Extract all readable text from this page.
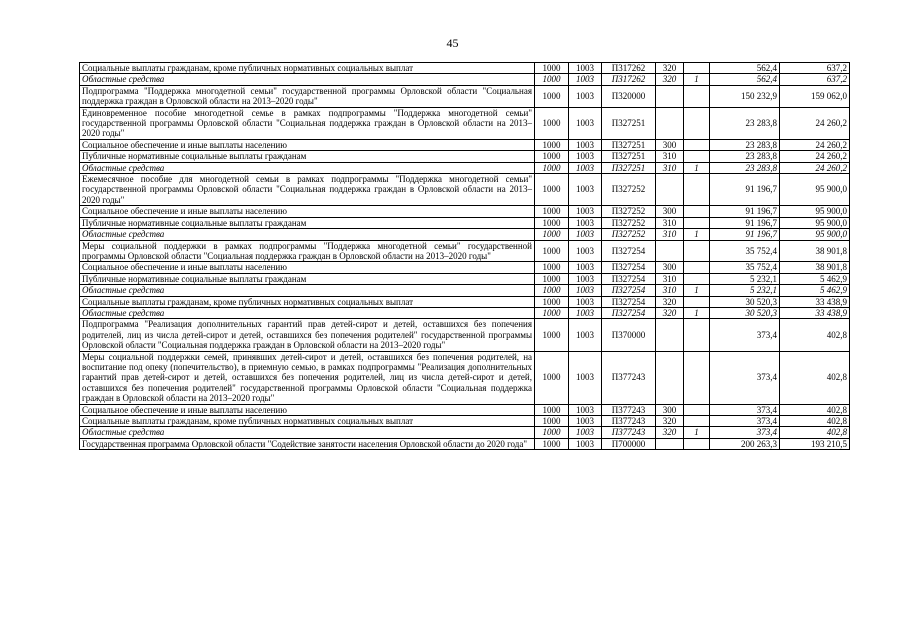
45
Социальные выплаты гражданам, кроме публичных нормативных социальных выплат	1000	1003	П317262	320		562,4	637,2
Областные средства	1000	1003	П317262	320	1	562,4	637,2
Подпрограмма "Поддержка многодетной семьи" государственной программы Орловской области "Социальная поддержка граждан в Орловской области на 2013–2020 годы"	1000	1003	П320000			150 232,9	159 062,0
Единовременное пособие многодетной семье в рамках подпрограммы "Поддержка многодетной семьи" государственной программы Орловской области "Социальная поддержка граждан в Орловской области на 2013–2020 годы"	1000	1003	П327251			23 283,8	24 260,2
Социальное обеспечение и иные выплаты населению	1000	1003	П327251	300		23 283,8	24 260,2
Публичные нормативные социальные выплаты гражданам	1000	1003	П327251	310		23 283,8	24 260,2
Областные средства	1000	1003	П327251	310	1	23 283,8	24 260,2
Ежемесячное пособие для многодетной семьи в рамках подпрограммы "Поддержка многодетной семьи" государственной программы Орловской области "Социальная поддержка граждан в Орловской области на 2013–2020 годы"	1000	1003	П327252			91 196,7	95 900,0
Социальное обеспечение и иные выплаты населению	1000	1003	П327252	300		91 196,7	95 900,0
Публичные нормативные социальные выплаты гражданам	1000	1003	П327252	310		91 196,7	95 900,0
Областные средства	1000	1003	П327252	310	1	91 196,7	95 900,0
Меры социальной поддержки в рамках подпрограммы "Поддержка многодетной семьи" государственной программы Орловской области "Социальная поддержка граждан в Орловской области на 2013–2020 годы"	1000	1003	П327254			35 752,4	38 901,8
Социальное обеспечение и иные выплаты населению	1000	1003	П327254	300		35 752,4	38 901,8
Публичные нормативные социальные выплаты гражданам	1000	1003	П327254	310		5 232,1	5 462,9
Областные средства	1000	1003	П327254	310	1	5 232,1	5 462,9
Социальные выплаты гражданам, кроме публичных нормативных социальных выплат	1000	1003	П327254	320		30 520,3	33 438,9
Областные средства	1000	1003	П327254	320	1	30 520,3	33 438,9
Подпрограмма "Реализация дополнительных гарантий прав детей-сирот и детей, оставшихся без попечения родителей, лиц из числа детей-сирот и детей, оставшихся без попечения родителей" государственной программы Орловской области "Социальная поддержка граждан в Орловской области на 2013–2020 годы"	1000	1003	П370000			373,4	402,8
Меры социальной поддержки семей, принявших детей-сирот и детей, оставшихся без попечения родителей, на воспитание под опеку (попечительство), в приемную семью, в рамках подпрограммы "Реализация дополнительных гарантий прав детей-сирот и детей, оставшихся без попечения родителей, лиц из числа детей-сирот и детей, оставшихся без попечения родителей" государственной программы Орловской области "Социальная поддержка граждан в Орловской области на 2013–2020 годы"	1000	1003	П377243			373,4	402,8
Социальное обеспечение и иные выплаты населению	1000	1003	П377243	300		373,4	402,8
Социальные выплаты гражданам, кроме публичных нормативных социальных выплат	1000	1003	П377243	320		373,4	402,8
Областные средства	1000	1003	П377243	320	1	373,4	402,8
Государственная программа Орловской области "Содействие занятости населения Орловской области до 2020 года"	1000	1003	П700000			200 263,3	193 210,5
